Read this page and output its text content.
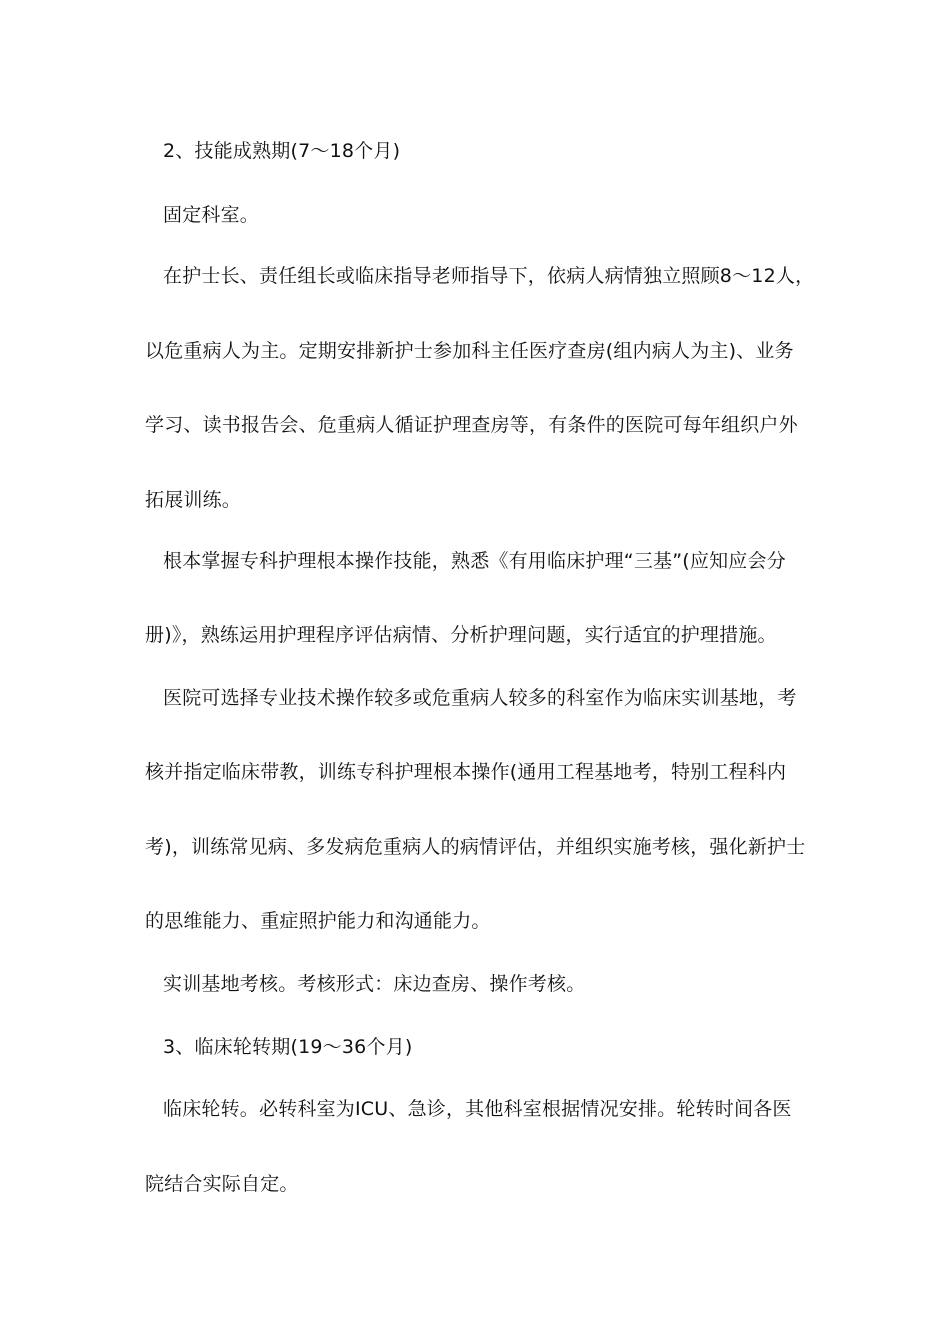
2、技能成熟期(7～18个月)
固定科室。
在护士长、责任组长或临床指导老师指导下，依病人病情独立照顾8～12人，
以危重病人为主。定期安排新护士参加科主任医疗查房(组内病人为主)、业务
学习、读书报告会、危重病人循证护理查房等，有条件的医院可每年组织户外
拓展训练。
根本掌握专科护理根本操作技能，熟悉《有用临床护理“三基”(应知应会分
册)》，熟练运用护理程序评估病情、分析护理问题，实行适宜的护理措施。
医院可选择专业技术操作较多或危重病人较多的科室作为临床实训基地，考
核并指定临床带教，训练专科护理根本操作(通用工程基地考，特别工程科内
考)，训练常见病、多发病危重病人的病情评估，并组织实施考核，强化新护士
的思维能力、重症照护能力和沟通能力。
实训基地考核。考核形式：床边查房、操作考核。
3、临床轮转期(19～36个月)
临床轮转。必转科室为ICU、急诊，其他科室根据情况安排。轮转时间各医
院结合实际自定。
